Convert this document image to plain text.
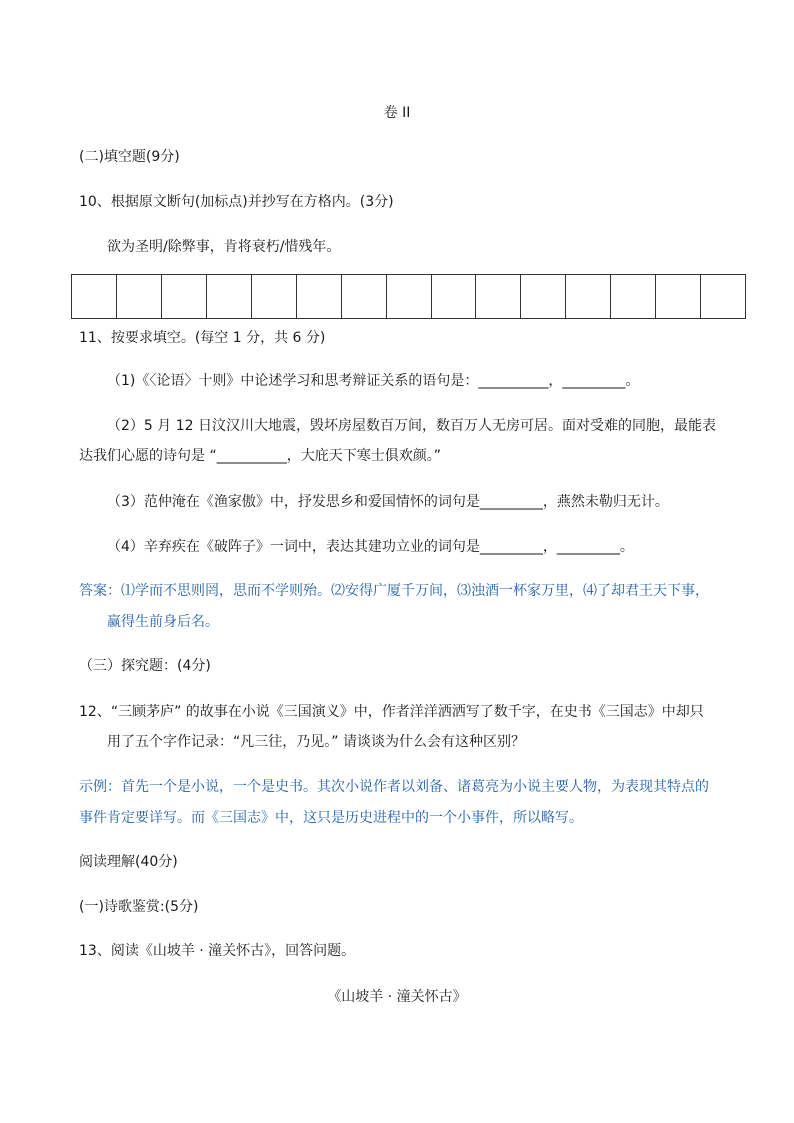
卷 II
(二)填空题(9分)
10、根据原文断句(加标点)并抄写在方格内。(3分)
欲为圣明/除弊事，肯将衰朽/惜残年。
11、按要求填空。(每空 1 分，共 6 分)
（1)《〈论语〉十则》中论述学习和思考辩证关系的语句是：__________，_________。
（2）5 月 12 日汶汉川大地震，毁坏房屋数百万间，数百万人无房可居。面对受难的同胞，最能表
达我们心愿的诗句是 “__________，大庇天下寒士俱欢颜。”
（3）范仲淹在《渔家傲》中，抒发思乡和爱国情怀的词句是_________，燕然未勒归无计。
（4）辛弃疾在《破阵子》一词中，表达其建功立业的词句是_________，_________。
答案：⑴学而不思则罔，思而不学则殆。⑵安得广厦千万间，⑶浊酒一杯家万里，⑷了却君王天下事，
赢得生前身后名。
（三）探究题：(4分)
12、“三顾茅庐” 的故事在小说《三国演义》中，作者洋洋洒洒写了数千字，在史书《三国志》中却只
用了五个字作记录：“凡三往，乃见。” 请谈谈为什么会有这种区别？
示例：首先一个是小说，一个是史书。其次小说作者以刘备、诸葛亮为小说主要人物，为表现其特点的
事件肯定要详写。而《三国志》中，这只是历史进程中的一个小事件，所以略写。
阅读理解(40分)
(一)诗歌鉴赏:(5分)
13、阅读《山坡羊 · 潼关怀古》，回答问题。
《山坡羊 · 潼关怀古》
